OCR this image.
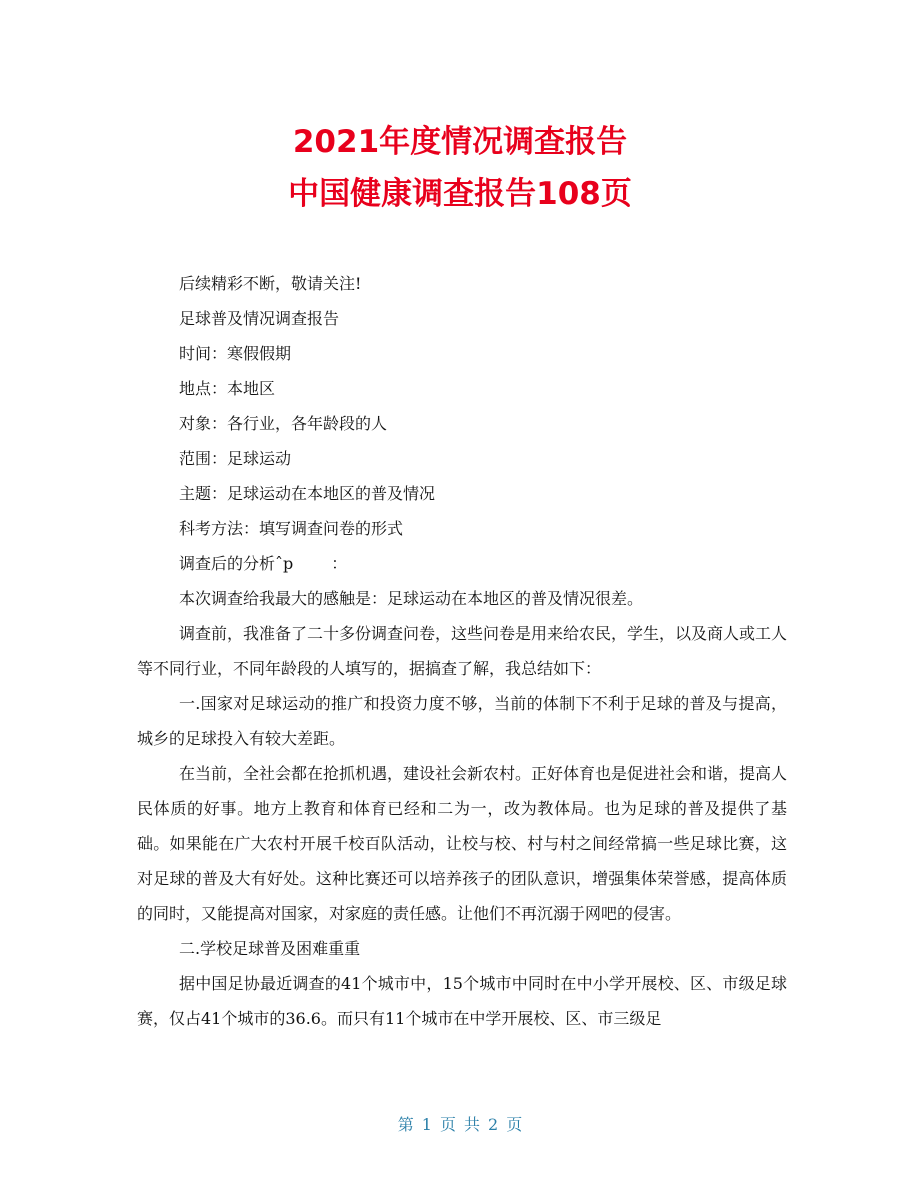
2021年度情况调查报告
中国健康调查报告108页
后续精彩不断，敬请关注!
足球普及情况调查报告
时间：寒假假期
地点：本地区
对象：各行业，各年龄段的人
范围：足球运动
主题：足球运动在本地区的普及情况
科考方法：填写调查问卷的形式
调查后的分析ˆp ：
本次调查给我最大的感触是：足球运动在本地区的普及情况很差。

调查前，我准备了二十多份调查问卷，这些问卷是用来给农民，学生，以及商人或工人等不同行业，不同年龄段的人填写的，据搞查了解，我总结如下：

一.国家对足球运动的推广和投资力度不够，当前的体制下不利于足球的普及与提高，城乡的足球投入有较大差距。

在当前，全社会都在抢抓机遇，建设社会新农村。正好体育也是促进社会和谐，提高人民体质的好事。地方上教育和体育已经和二为一，改为教体局。也为足球的普及提供了基础。如果能在广大农村开展千校百队活动，让校与校、村与村之间经常搞一些足球比赛，这对足球的普及大有好处。这种比赛还可以培养孩子的团队意识，增强集体荣誉感，提高体质的同时，又能提高对国家，对家庭的责任感。让他们不再沉溺于网吧的侵害。

二.学校足球普及困难重重

据中国足协最近调查的41个城市中，15个城市中同时在中小学开展校、区、市级足球赛，仅占41个城市的36.6。而只有11个城市在中学开展校、区、市三级足

第 1 页 共 2 页
